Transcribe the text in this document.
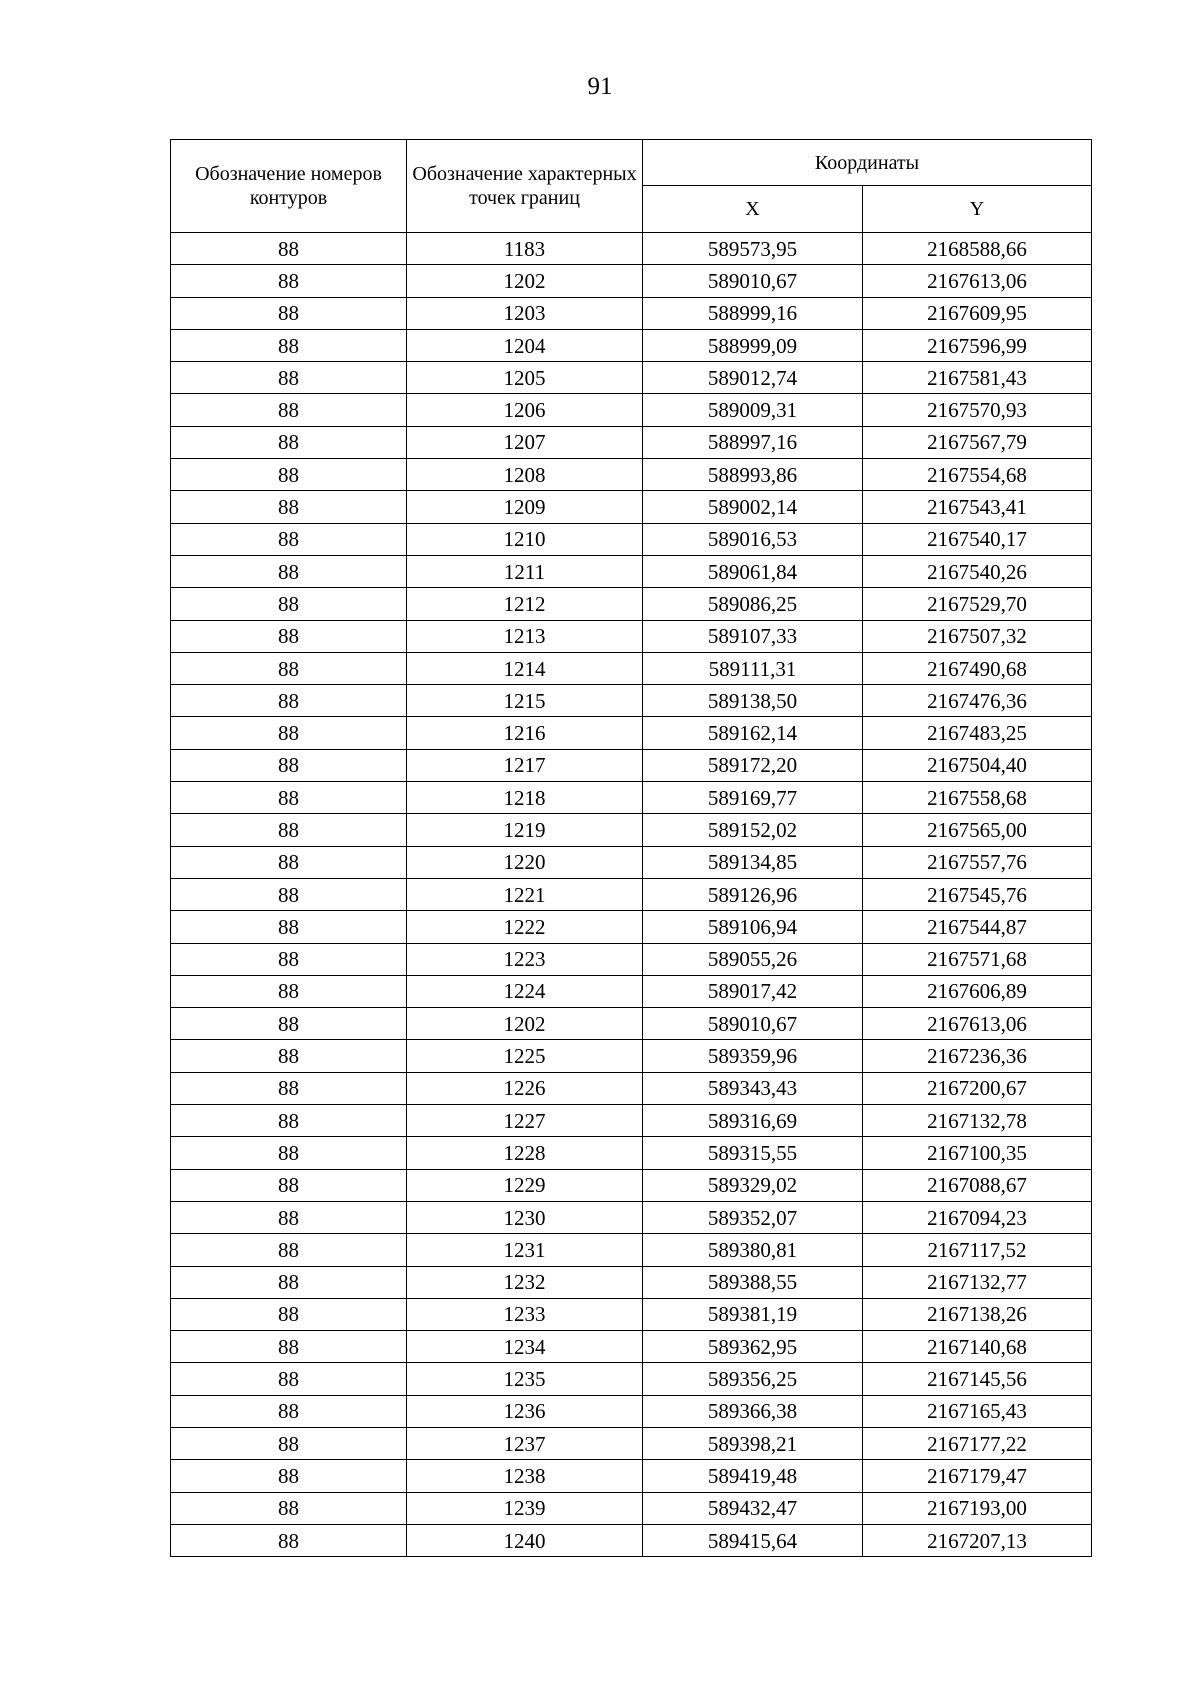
91
Обозначение номеров контуров	Обозначение характерных точек границ	Координаты	
		X	Y
88	1183	589573,95	2168588,66
88	1202	589010,67	2167613,06
88	1203	588999,16	2167609,95
88	1204	588999,09	2167596,99
88	1205	589012,74	2167581,43
88	1206	589009,31	2167570,93
88	1207	588997,16	2167567,79
88	1208	588993,86	2167554,68
88	1209	589002,14	2167543,41
88	1210	589016,53	2167540,17
88	1211	589061,84	2167540,26
88	1212	589086,25	2167529,70
88	1213	589107,33	2167507,32
88	1214	589111,31	2167490,68
88	1215	589138,50	2167476,36
88	1216	589162,14	2167483,25
88	1217	589172,20	2167504,40
88	1218	589169,77	2167558,68
88	1219	589152,02	2167565,00
88	1220	589134,85	2167557,76
88	1221	589126,96	2167545,76
88	1222	589106,94	2167544,87
88	1223	589055,26	2167571,68
88	1224	589017,42	2167606,89
88	1202	589010,67	2167613,06
88	1225	589359,96	2167236,36
88	1226	589343,43	2167200,67
88	1227	589316,69	2167132,78
88	1228	589315,55	2167100,35
88	1229	589329,02	2167088,67
88	1230	589352,07	2167094,23
88	1231	589380,81	2167117,52
88	1232	589388,55	2167132,77
88	1233	589381,19	2167138,26
88	1234	589362,95	2167140,68
88	1235	589356,25	2167145,56
88	1236	589366,38	2167165,43
88	1237	589398,21	2167177,22
88	1238	589419,48	2167179,47
88	1239	589432,47	2167193,00
88	1240	589415,64	2167207,13
